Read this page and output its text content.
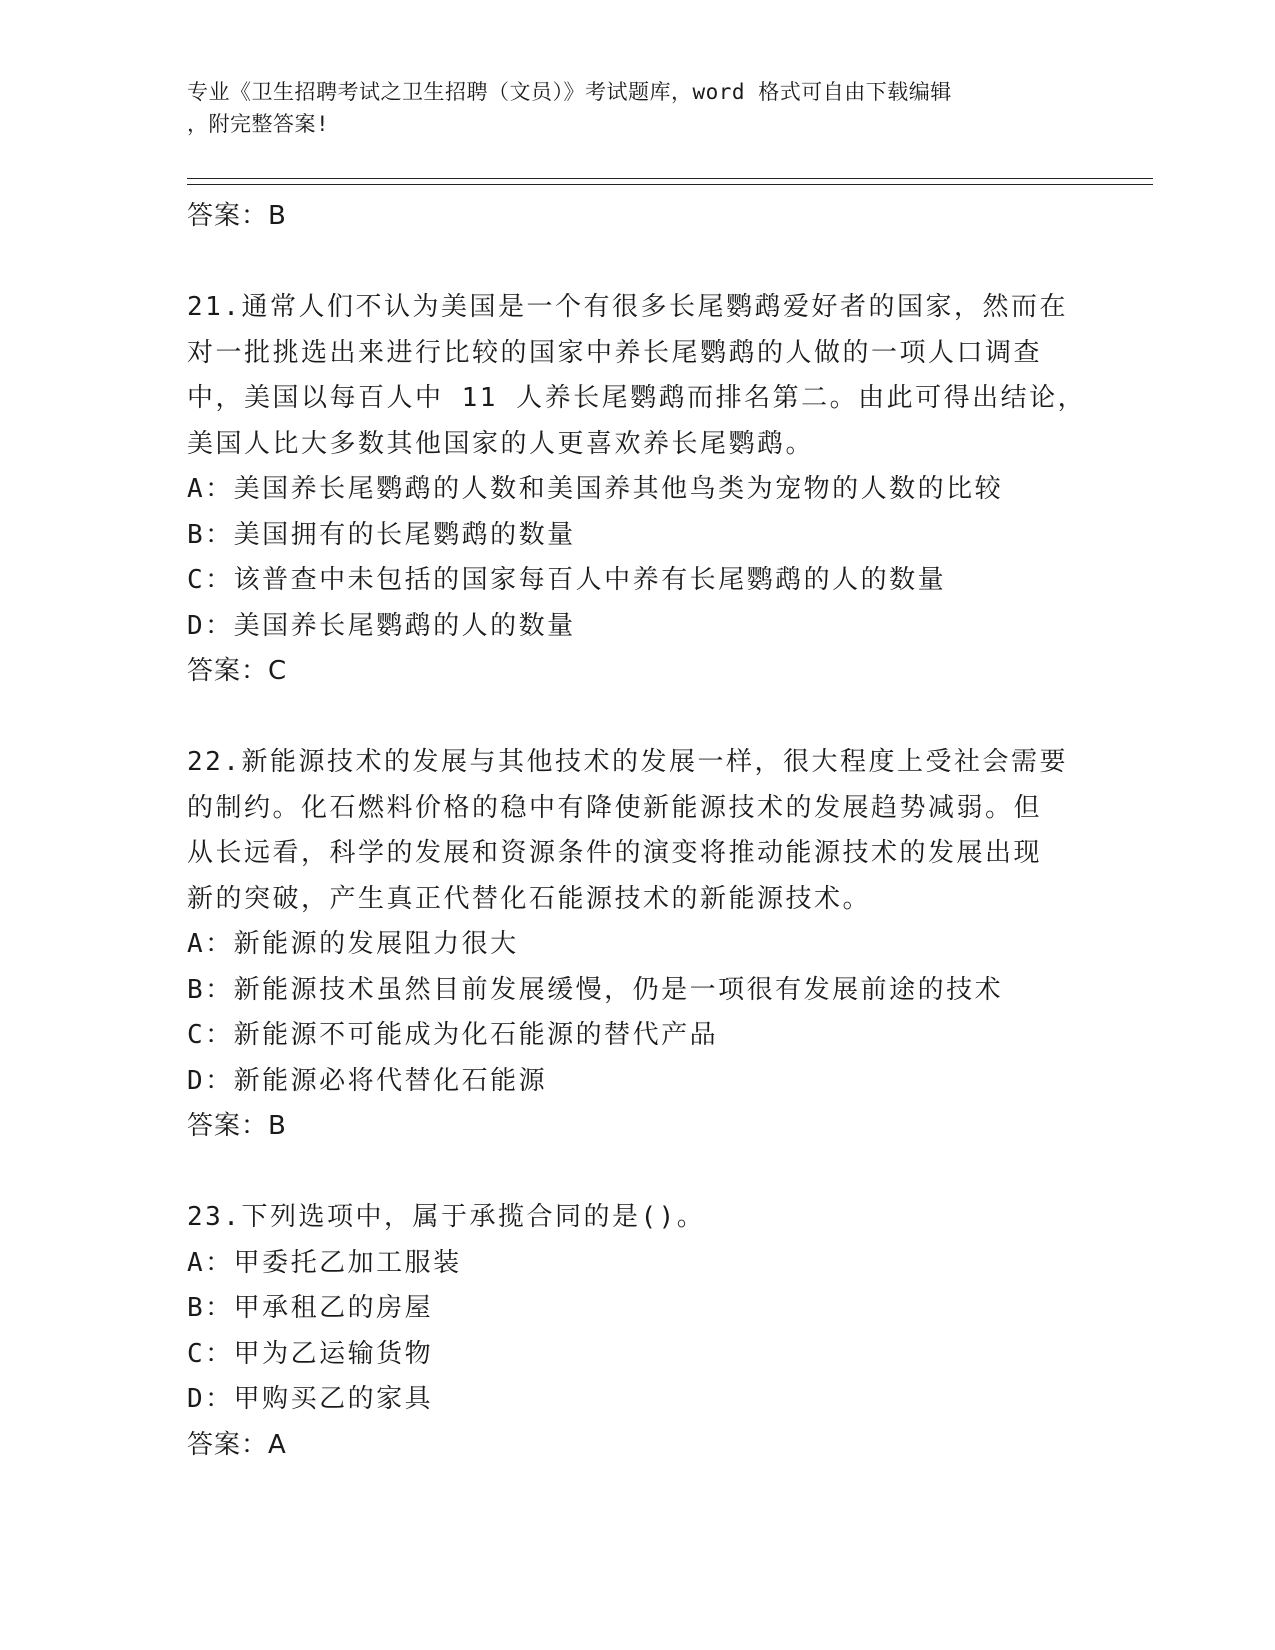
专业《卫生招聘考试之卫生招聘（文员）》考试题库，word 格式可自由下载编辑
，附完整答案!
答案：B
21.通常人们不认为美国是一个有很多长尾鹦鹉爱好者的国家，然而在
对一批挑选出来进行比较的国家中养长尾鹦鹉的人做的一项人口调查
中，美国以每百人中 11 人养长尾鹦鹉而排名第二。由此可得出结论，
美国人比大多数其他国家的人更喜欢养长尾鹦鹉。
A：美国养长尾鹦鹉的人数和美国养其他鸟类为宠物的人数的比较
B：美国拥有的长尾鹦鹉的数量
C：该普查中未包括的国家每百人中养有长尾鹦鹉的人的数量
D：美国养长尾鹦鹉的人的数量
答案：C
22.新能源技术的发展与其他技术的发展一样，很大程度上受社会需要
的制约。化石燃料价格的稳中有降使新能源技术的发展趋势减弱。但
从长远看，科学的发展和资源条件的演变将推动能源技术的发展出现
新的突破，产生真正代替化石能源技术的新能源技术。
A：新能源的发展阻力很大
B：新能源技术虽然目前发展缓慢，仍是一项很有发展前途的技术
C：新能源不可能成为化石能源的替代产品
D：新能源必将代替化石能源
答案：B
23.下列选项中，属于承揽合同的是()。
A：甲委托乙加工服装
B：甲承租乙的房屋
C：甲为乙运输货物
D：甲购买乙的家具
答案：A
